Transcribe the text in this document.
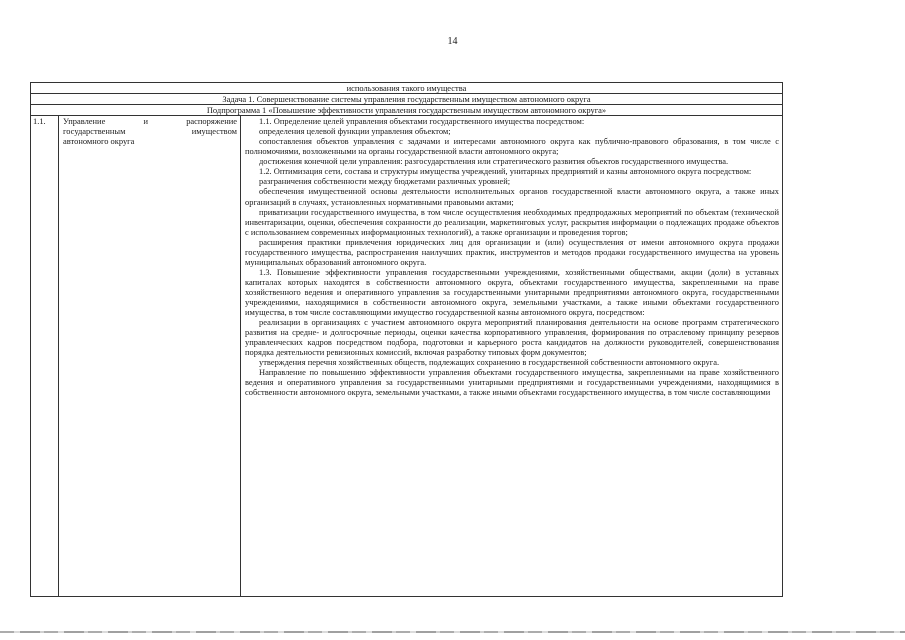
14
использования такого имущества
Задача 1. Совершенствование системы управления государственным имуществом автономного округа
Подпрограмма 1 «Повышение эффективности управления государственным имуществом автономного округа»
1.1.	Управление и распоряжение
государственным имуществом
автономного округа

1.1. Определение целей управления объектами государственного имущества посредством:

определения целевой функции управления объектом;

сопоставления объектов управления с задачами и интересами автономного округа как публично-правового образования, в том числе с полномочиями, возложенными на органы государственной власти автономного округа;

достижения конечной цели управления: разгосударствления или стратегического развития объектов государственного имущества.

1.2. Оптимизация сети, состава и структуры имущества учреждений, унитарных предприятий и казны автономного округа посредством:

разграничения собственности между бюджетами различных уровней;

обеспечения имущественной основы деятельности исполнительных органов государственной власти автономного округа, а также иных организаций в случаях, установленных нормативными правовыми актами;

приватизации государственного имущества, в том числе осуществления необходимых предпродажных мероприятий по объектам (технической инвентаризации, оценки, обеспечения сохранности до реализации, маркетинговых услуг, раскрытия информации о подлежащих продаже объектов с использованием современных информационных технологий), а также организации и проведения торгов;

расширения практики привлечения юридических лиц для организации и (или) осуществления от имени автономного округа продажи государственного имущества, распространения наилучших практик, инструментов и методов продажи государственного имущества на уровень муниципальных образований автономного округа.

1.3. Повышение эффективности управления государственными учреждениями, хозяйственными обществами, акции (доли) в уставных капиталах которых находятся в собственности автономного округа, объектами государственного имущества, закрепленными на праве хозяйственного ведения и оперативного управления за государственными унитарными предприятиями автономного округа, государственными учреждениями, находящимися в собственности автономного округа, земельными участками, а также иными объектами государственного имущества, в том числе составляющими имущество государственной казны автономного округа, посредством:

реализации в организациях с участием автономного округа мероприятий планирования деятельности на основе программ стратегического развития на средне- и долгосрочные периоды, оценки качества корпоративного управления, формирования по отраслевому принципу резервов управленческих кадров посредством подбора, подготовки и карьерного роста кандидатов на должности руководителей, совершенствования порядка деятельности ревизионных комиссий, включая разработку типовых форм документов;

утверждения перечня хозяйственных обществ, подлежащих сохранению в государственной собственности автономного округа.

Направление по повышению эффективности управления объектами государственного имущества, закрепленными на праве хозяйственного ведения и оперативного управления за государственными унитарными предприятиями и государственными учреждениями, находящимися в собственности автономного округа, земельными участками, а также иными объектами государственного имущества, в том числе составляющими
